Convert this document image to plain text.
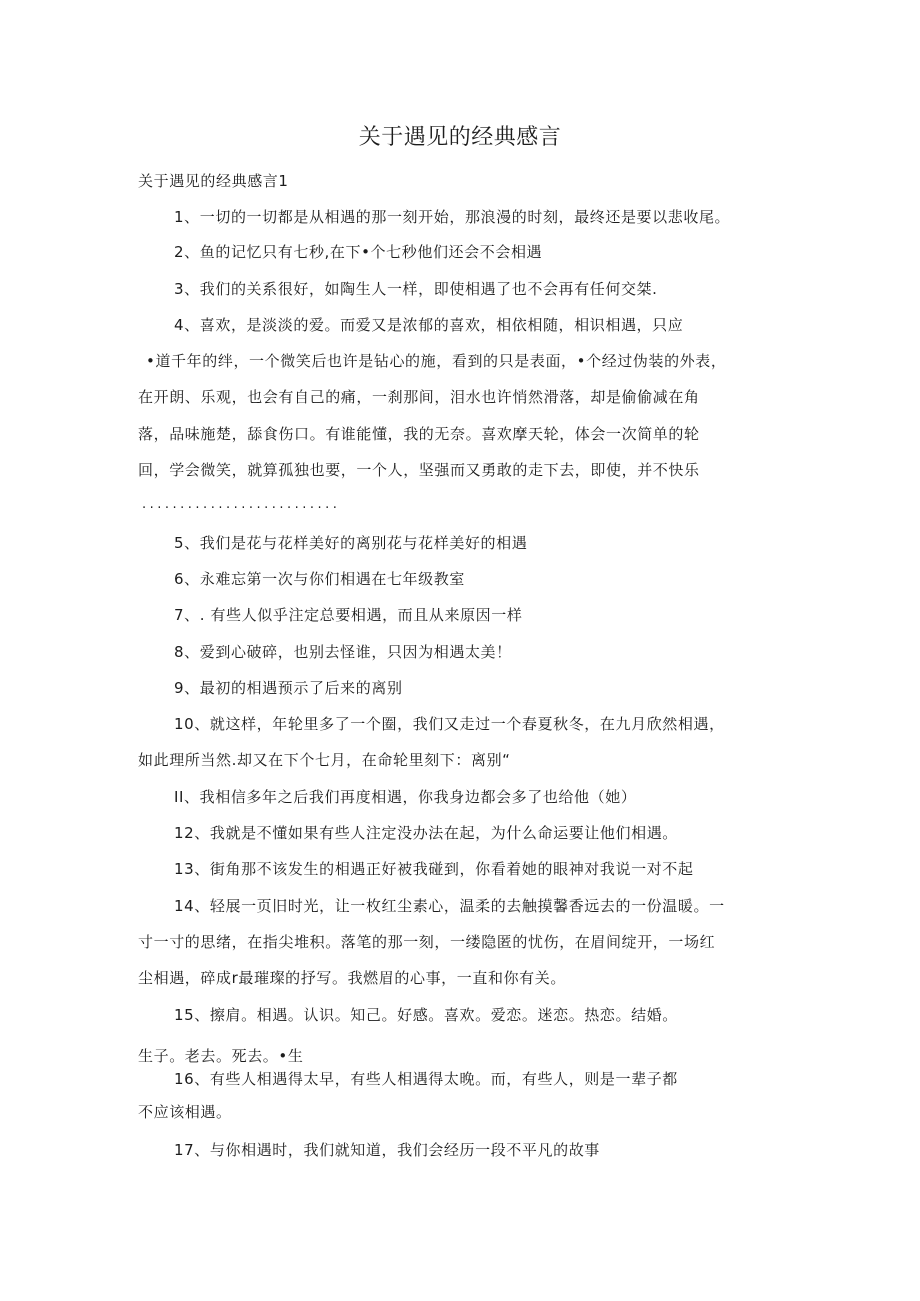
关于遇见的经典感言
关于遇见的经典感言1
1、一切的一切都是从相遇的那一刻开始，那浪漫的时刻，最终还是要以悲收尾。
2、鱼的记忆只有七秒,在下•个七秒他们还会不会相遇
3、我们的关系很好，如陶生人一样，即使相遇了也不会再有任何交桀.
4、喜欢，是淡淡的爱。而爱又是浓郁的喜欢，相依相随，相识相遇，只应
•道千年的绊，一个微笑后也许是钻心的施，看到的只是表面，•个经过伪装的外表，
在开朗、乐观，也会有自己的痛，一刹那间，泪水也许悄然滑落，却是偷偷减在角
落，品味施楚，舔食伤口。有谁能懂，我的无奈。喜欢摩天轮，体会一次简单的轮
回，学会微笑，就算孤独也要，一个人，坚强而又勇敢的走下去，即使，并不快乐
..........................
5、我们是花与花样美好的离别花与花样美好的相遇
6、永难忘第一次与你们相遇在七年级教室
7、. 有些人似乎注定总要相遇，而且从来原因一样
8、爱到心破碎，也别去怪谁，只因为相遇太美！
9、最初的相遇预示了后来的离别
10、就这样，年轮里多了一个圈，我们又走过一个春夏秋冬，在九月欣然相遇，
如此理所当然.却又在下个七月，在命轮里刻下：离别“
II、我相信多年之后我们再度相遇，你我身边都会多了也给他（她）
12、我就是不懂如果有些人注定没办法在起，为什么命运要让他们相遇。
13、街角那不该发生的相遇正好被我碰到，你看着她的眼神对我说一对不起
14、轻展一页旧时光，让一枚红尘素心，温柔的去触摸馨香远去的一份温暖。一
寸一寸的思绪，在指尖堆积。落笔的那一刻，一缕隐匿的忧伤，在眉间绽开，一场红
尘相遇，碎成r最璀璨的抒写。我燃眉的心事，一直和你有关。
15、擦肩。相遇。认识。知己。好感。喜欢。爱恋。迷恋。热恋。结婚。
生子。老去。死去。•生
16、有些人相遇得太早，有些人相遇得太晚。而，有些人，则是一辈子都
不应该相遇。
17、与你相遇时，我们就知道，我们会经历一段不平凡的故事
